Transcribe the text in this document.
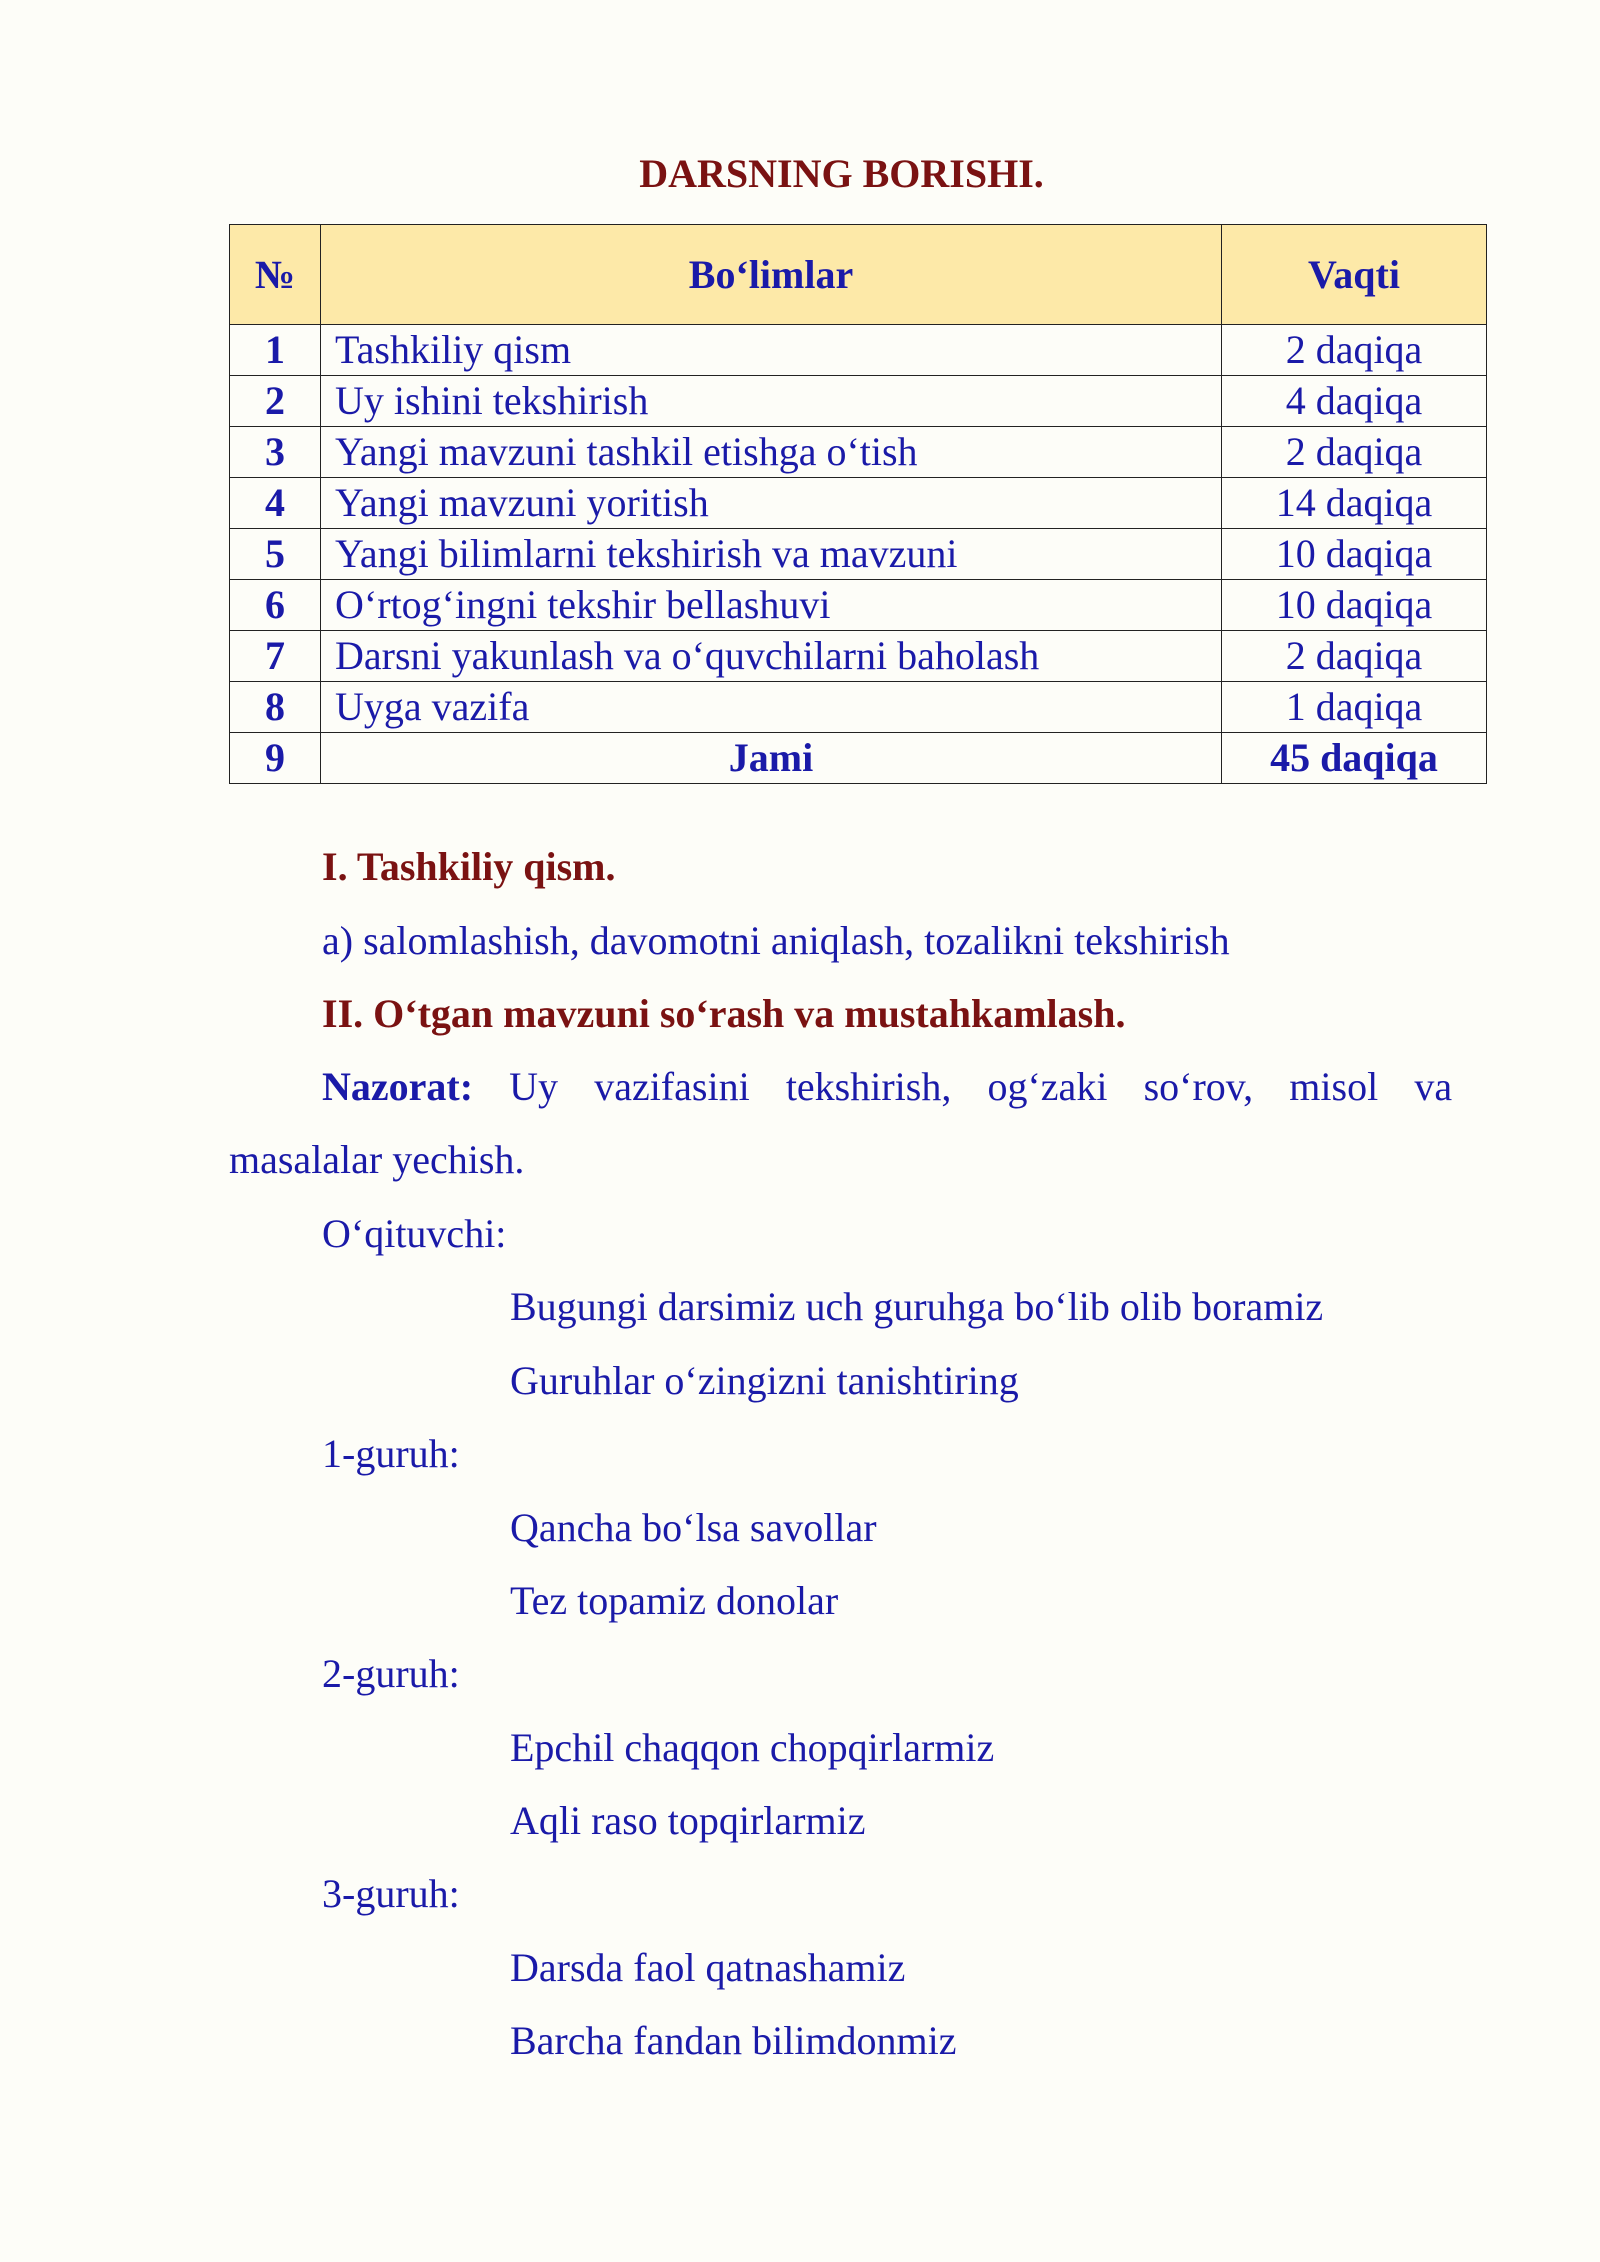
DARSNING BORISHI.
№	Bo‘limlar	Vaqti
1	Tashkiliy qism	2 daqiqa
2	Uy ishini tekshirish	4 daqiqa
3	Yangi mavzuni tashkil etishga o‘tish	2 daqiqa
4	Yangi mavzuni yoritish	14 daqiqa
5	Yangi bilimlarni tekshirish va mavzuni	10 daqiqa
6	O‘rtog‘ingni tekshir bellashuvi	10 daqiqa
7	Darsni yakunlash va o‘quvchilarni baholash	2 daqiqa
8	Uyga vazifa	1 daqiqa
9	Jami	45 daqiqa

I. Tashkiliy qism.

a) salomlashish, davomotni aniqlash, tozalikni tekshirish

II. O‘tgan mavzuni so‘rash va mustahkamlash.

Nazorat: Uy vazifasini tekshirish, og‘zaki so‘rov, misol va

masalalar yechish.

O‘qituvchi:

Bugungi darsimiz uch guruhga bo‘lib olib boramiz

Guruhlar o‘zingizni tanishtiring

1-guruh:

Qancha bo‘lsa savollar

Tez topamiz donolar

2-guruh:

Epchil chaqqon chopqirlarmiz

Aqli raso topqirlarmiz

3-guruh:

Darsda faol qatnashamiz

Barcha fandan bilimdonmiz
